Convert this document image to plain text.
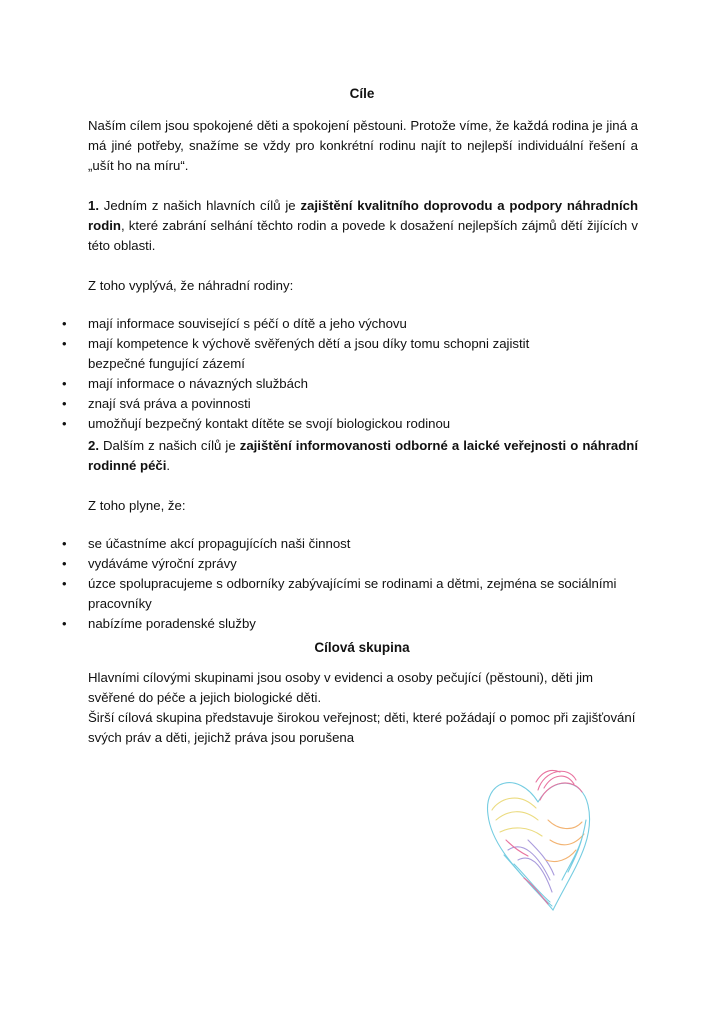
Cíle

Naším cílem jsou spokojené děti a spokojení pěstouni. Protože víme, že každá rodina je jiná a má jiné potřeby, snažíme se vždy pro konkrétní rodinu najít to nejlepší individuální řešení a „ušít ho na míru“.

1. Jedním z našich hlavních cílů je zajištění kvalitního doprovodu a podpory náhradních rodin, které zabrání selhání těchto rodin a povede k dosažení nejlepších zájmů dětí žijících v této oblasti.

Z toho vyplývá, že náhradní rodiny:

• mají informace související s péčí o dítě a jeho výchovu
• mají kompetence k výchově svěřených dětí a jsou díky tomu schopni zajistit bezpečné fungující zázemí
• mají informace o návazných službách
• znají svá práva a povinnosti
• umožňují bezpečný kontakt dítěte se svojí biologickou rodinou

2. Dalším z našich cílů je zajištění informovanosti odborné a laické veřejnosti o náhradní rodinné péči.

Z toho plyne, že:

• se účastníme akcí propagujících naši činnost
• vydáváme výroční zprávy
• úzce spolupracujeme s odborníky zabývajícími se rodinami a dětmi, zejména se sociálními pracovníky
• nabízíme poradenské služby
Cílová skupina

Hlavními cílovými skupinami jsou osoby v evidenci a osoby pečující (pěstouni), děti jim svěřené do péče a jejich biologické děti.

Širší cílová skupina představuje širokou veřejnost; děti, které požádají o pomoc při zajišťování svých práv a děti, jejichž práva jsou porušena
